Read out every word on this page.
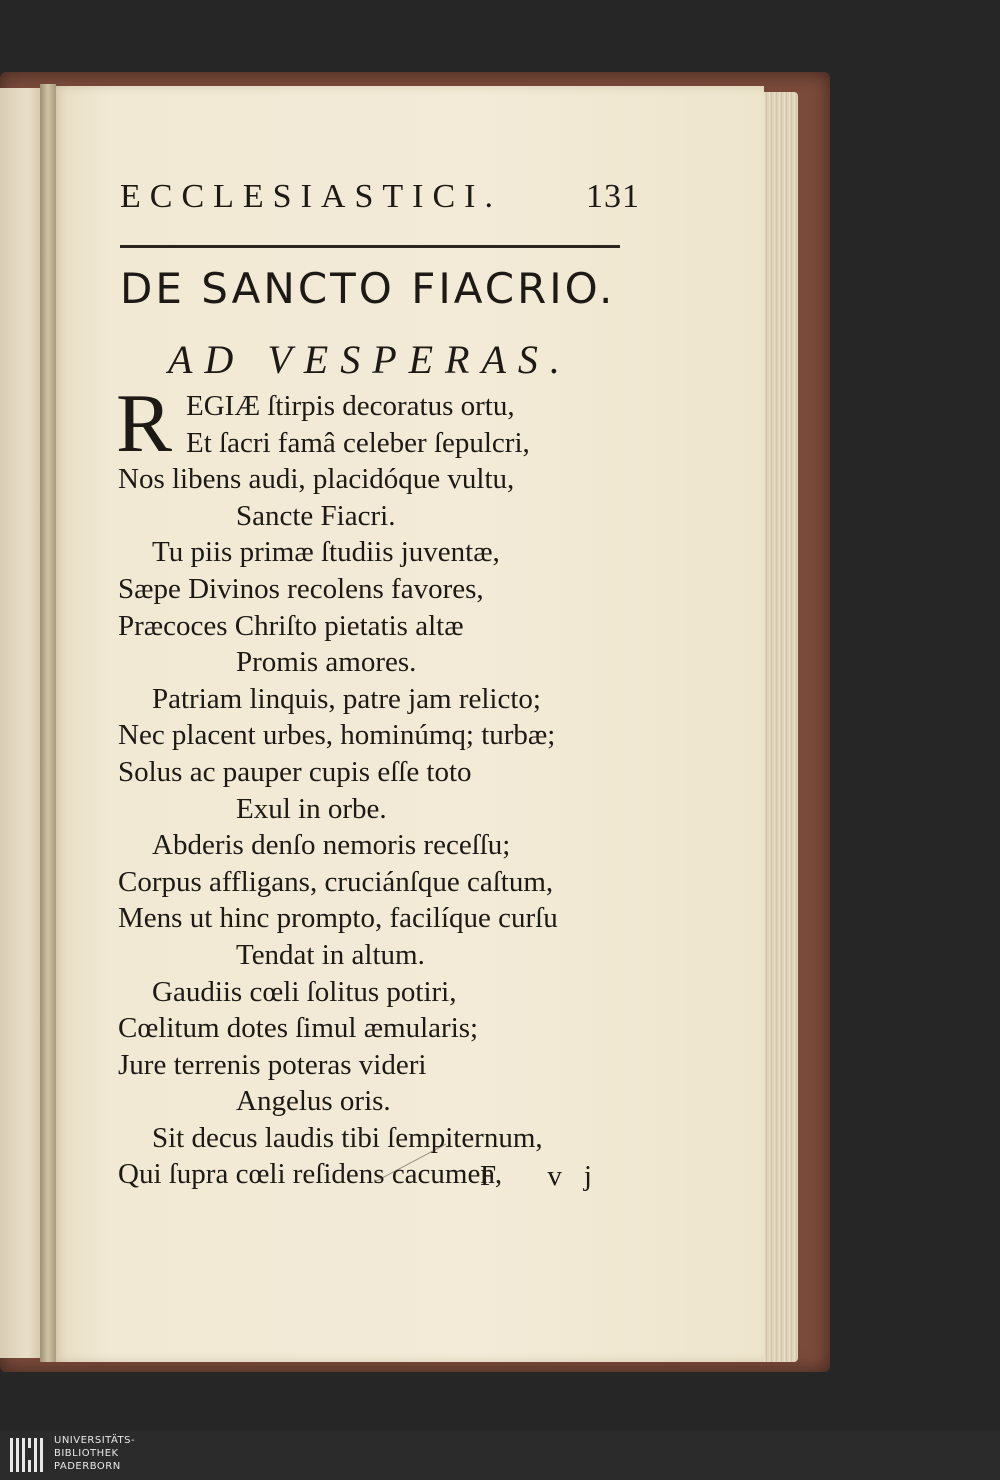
ECCLESIASTICI. 131
DE SANCTO FIACRIO.
AD VESPERAS.
R EGIÆ ſtirpis decoratus ortu,
Et ſacri famâ celeber ſepulcri,
Nos libens audi, placidóque vultu,
Sancte Fiacri.
Tu piis primæ ſtudiis juventæ,
Sæpe Divinos recolens favores,
Præcoces Chriſto pietatis altæ
Promis amores.
Patriam linquis, patre jam relicto;
Nec placent urbes, hominúmq; turbæ;
Solus ac pauper cupis eſſe toto
Exul in orbe.
Abderis denſo nemoris receſſu;
Corpus affligans, cruciánſque caſtum,
Mens ut hinc prompto, facilíque curſu
Tendat in altum.
Gaudiis cœli ſolitus potiri,
Cœlitum dotes ſimul æmularis;
Jure terrenis poteras videri
Angelus oris.
Sit decus laudis tibi ſempiternum,
Qui ſupra cœli reſidens cacumen,
F vj
UNIVERSITÄTS-
BIBLIOTHEK
PADERBORN
